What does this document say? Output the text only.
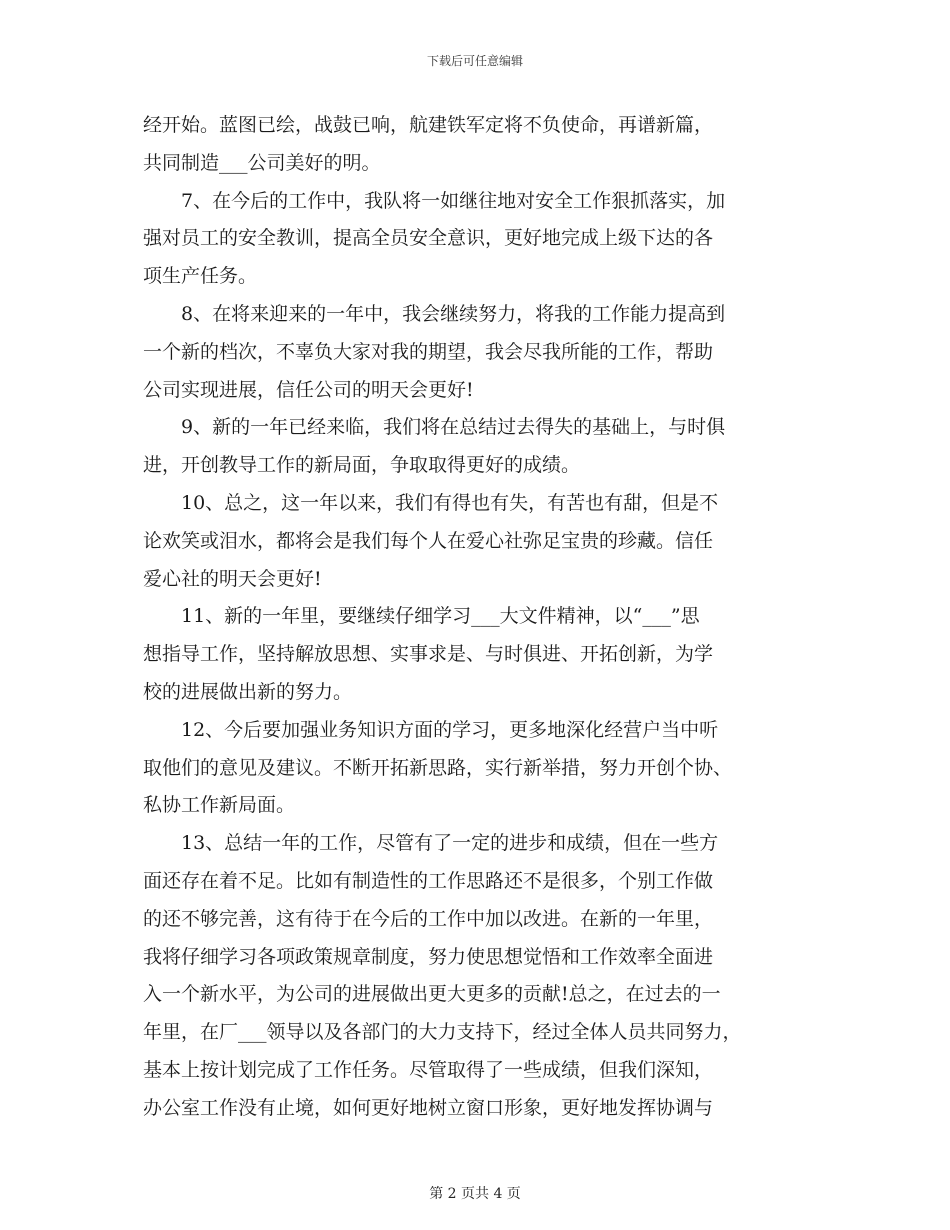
下载后可任意编辑
经开始。蓝图已绘，战鼓已响，航建铁军定将不负使命，再谱新篇，
共同制造___公司美好的明。
7、在今后的工作中，我队将一如继往地对安全工作狠抓落实，加
强对员工的安全教训，提高全员安全意识，更好地完成上级下达的各
项生产任务。
8、在将来迎来的一年中，我会继续努力，将我的工作能力提高到
一个新的档次，不辜负大家对我的期望，我会尽我所能的工作，帮助
公司实现进展，信任公司的明天会更好!
9、新的一年已经来临，我们将在总结过去得失的基础上，与时俱
进，开创教导工作的新局面，争取取得更好的成绩。
10、总之，这一年以来，我们有得也有失，有苦也有甜，但是不
论欢笑或泪水，都将会是我们每个人在爱心社弥足宝贵的珍藏。信任
爱心社的明天会更好!
11、新的一年里，要继续仔细学习___大文件精神，以“___”思
想指导工作，坚持解放思想、实事求是、与时俱进、开拓创新，为学
校的进展做出新的努力。
12、今后要加强业务知识方面的学习，更多地深化经营户当中听
取他们的意见及建议。不断开拓新思路，实行新举措，努力开创个协、
私协工作新局面。
13、总结一年的工作，尽管有了一定的进步和成绩，但在一些方
面还存在着不足。比如有制造性的工作思路还不是很多，个别工作做
的还不够完善，这有待于在今后的工作中加以改进。在新的一年里，
我将仔细学习各项政策规章制度，努力使思想觉悟和工作效率全面进
入一个新水平，为公司的进展做出更大更多的贡献!总之，在过去的一
年里，在厂___领导以及各部门的大力支持下，经过全体人员共同努力，
基本上按计划完成了工作任务。尽管取得了一些成绩，但我们深知，
办公室工作没有止境，如何更好地树立窗口形象，更好地发挥协调与
第 2 页共 4 页
